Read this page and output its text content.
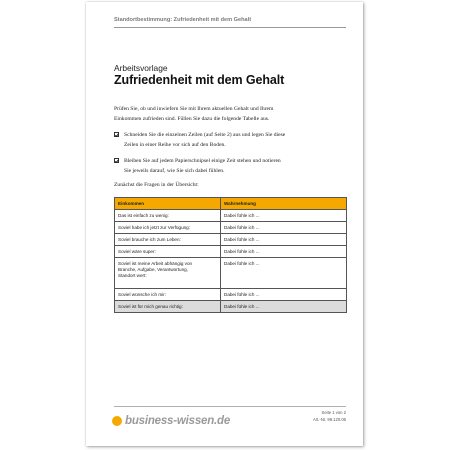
Standortbestimmung: Zufriedenheit mit dem Gehalt
Arbeitsvorlage
Zufriedenheit mit dem Gehalt
Prüfen Sie, ob und inwiefern Sie mit Ihrem aktuellen Gehalt und Ihrem
Einkommen zufrieden sind. Füllen Sie dazu die folgende Tabelle aus.
Schneiden Sie die einzelnen Zeilen (auf Seite 2) aus und legen Sie diese
Zeilen in einer Reihe vor sich auf den Boden.
Bleiben Sie auf jedem Papierschnipsel einige Zeit stehen und notieren
Sie jeweils darauf, wie Sie sich dabei fühlen.
Zunächst die Fragen in der Übersicht:
Einkommen	Wahrnehmung
Das ist einfach zu wenig:	Dabei fühle ich ...
Soviel habe ich jetzt zur Verfügung:	Dabei fühle ich ...
Soviel brauche ich zum Leben:	Dabei fühle ich ...
Soviel wäre super:	Dabei fühle ich ...

Soviel ist meine Arbeit abhängig von
Branche, Aufgabe, Verantwortung,
Standort wert:	Dabei fühle ich ...
Soviel wünsche ich mir:	Dabei fühle ich ...
Soviel ist für mich genau richtig:	Dabei fühle ich ...
business-wissen.de
Seite 1 von 2
Art.-Nr. 99.120.06
